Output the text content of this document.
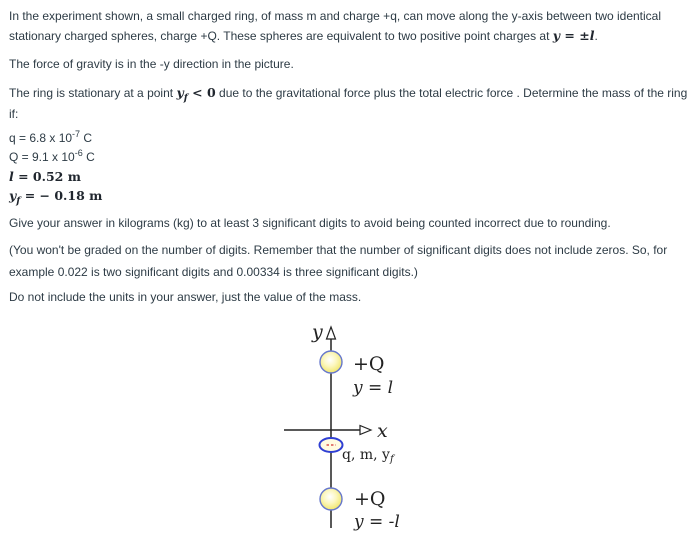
In the experiment shown, a small charged ring, of mass m and charge +q, can move along the y-axis between two identical
stationary charged spheres, charge +Q. These spheres are equivalent to two positive point charges at y = ±l.

The force of gravity is in the -y direction in the picture.

The ring is stationary at a point $y_f < 0$ due to the gravitational force plus the total electric force . Determine the mass of the ring
if:

q = 6.8 x $10^{-7}$ C
Q = 9.1 x $10^{-6}$ C
l = 0.52 m
$y_f$ = − 0.18 m

Give your answer in kilograms (kg) to at least 3 significant digits to avoid being counted incorrect due to rounding.

(You won't be graded on the number of digits. Remember that the number of significant digits does not include zeros. So, for
example 0.022 is two significant digits and 0.00334 is three significant digits.)

Do not include the units in your answer, just the value of the mass.

y
x
+Q
y = l
q, m, $y_f$
+Q
y = -l
